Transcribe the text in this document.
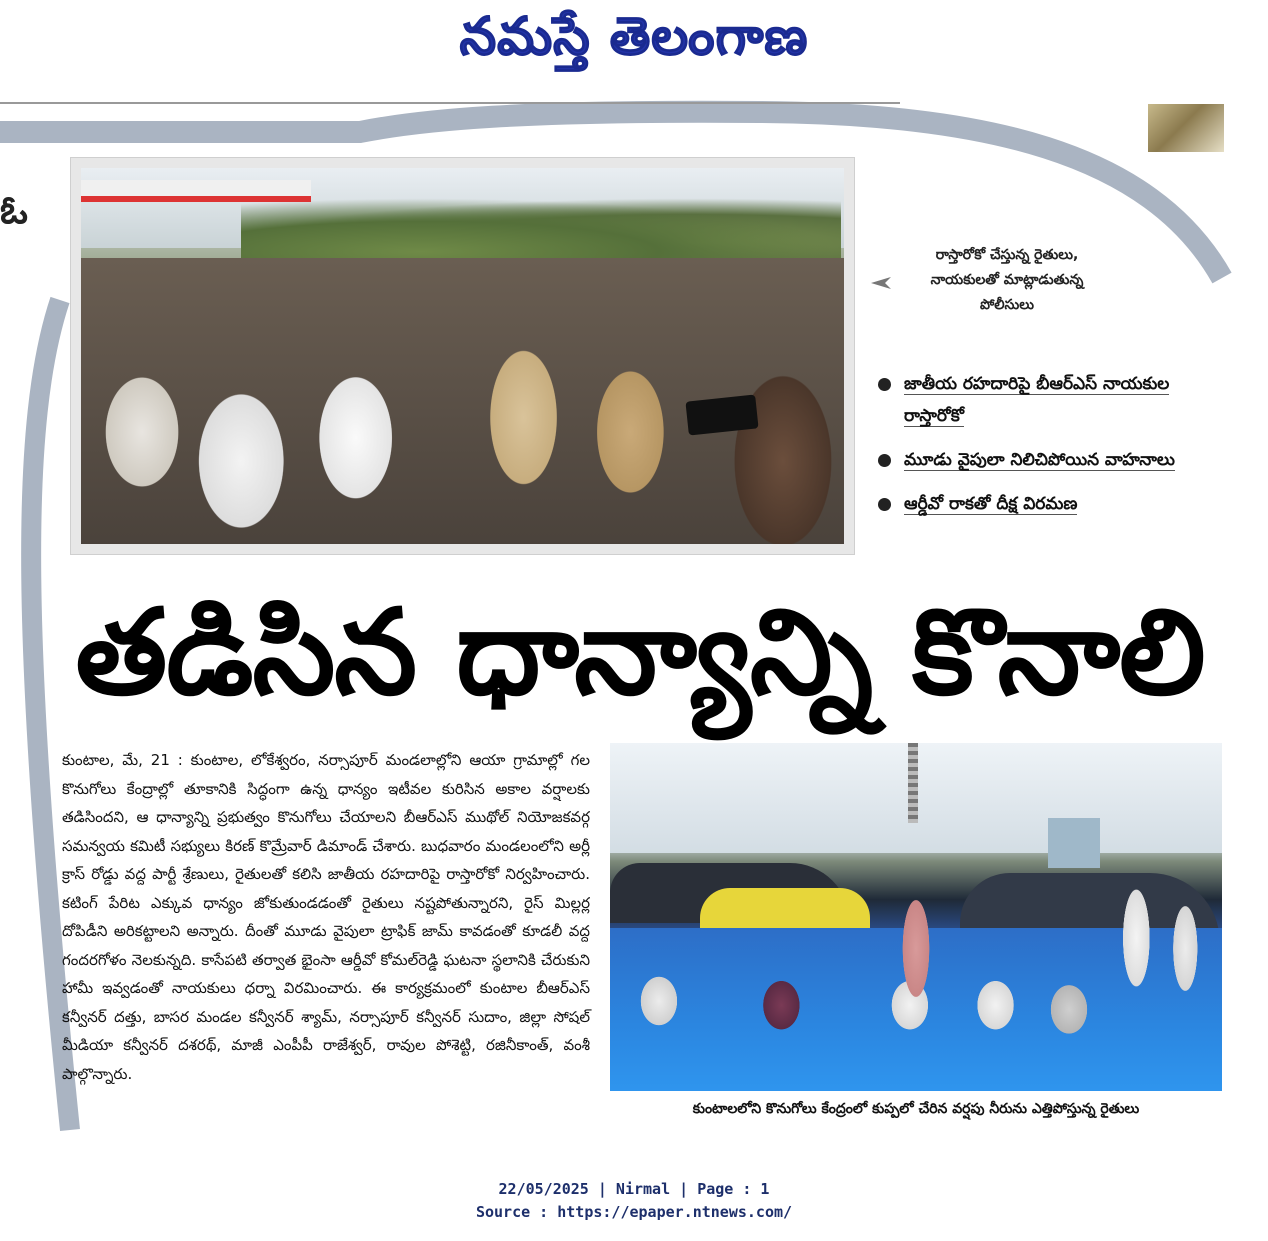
నమస్తే తెలంగాణ
ఓ
రాస్తారోకో చేస్తున్న రైతులు,
నాయకులతో మాట్లాడుతున్న
పోలీసులు
జాతీయ రహదారిపై బీఆర్‌ఎస్ నాయకుల రాస్తారోకో
మూడు వైపులా నిలిచిపోయిన వాహనాలు
ఆర్డీవో రాకతో దీక్ష విరమణ
తడిసిన ధాన్యాన్ని కొనాలి

కుంటాల, మే, 21 : కుంటాల, లోకేశ్వరం, నర్సాపూర్ మండలాల్లోని ఆయా గ్రామాల్లో గల కొనుగోలు కేంద్రాల్లో తూకానికి సిద్ధంగా ఉన్న ధాన్యం ఇటీవల కురిసిన అకాల వర్షాలకు తడిసిందని, ఆ ధాన్యాన్ని ప్రభుత్వం కొనుగోలు చేయాలని బీఆర్‌ఎస్ ముథోల్ నియోజకవర్గ సమన్వయ కమిటీ సభ్యులు కిరణ్ కొమ్రేవార్ డిమాండ్ చేశారు. బుధవారం మండలంలోని అర్లీ క్రాస్ రోడ్డు వద్ద పార్టీ శ్రేణులు, రైతులతో కలిసి జాతీయ రహదారిపై రాస్తారోకో నిర్వహించారు. కటింగ్ పేరిట ఎక్కువ ధాన్యం జోకుతుండడంతో రైతులు నష్టపోతున్నారని, రైస్ మిల్లర్ల దోపిడీని అరికట్టాలని అన్నారు. దీంతో మూడు వైపులా ట్రాఫిక్ జామ్ కావడంతో కూడలీ వద్ద గందరగోళం నెలకున్నది. కాసేపటి తర్వాత భైంసా ఆర్డీవో కోమల్‌రెడ్డి ఘటనా స్థలానికి చేరుకుని హామీ ఇవ్వడంతో నాయకులు ధర్నా విరమించారు. ఈ కార్యక్రమంలో కుంటాల బీఆర్‌ఎస్ కన్వీనర్ దత్తు, బాసర మండల కన్వీనర్ శ్యామ్, నర్సాపూర్ కన్వీనర్ సుదాం, జిల్లా సోషల్ మీడియా కన్వీనర్ దశరథ్, మాజీ ఎంపీపీ రాజేశ్వర్, రావుల పోశెట్టి, రజినీకాంత్, వంశీ పాల్గొన్నారు.

కుంటాలలోని కొనుగోలు కేంద్రంలో కుప్పలో చేరిన వర్షపు నీరును ఎత్తిపోస్తున్న రైతులు
22/05/2025 | Nirmal | Page : 1
Source : https://epaper.ntnews.com/
